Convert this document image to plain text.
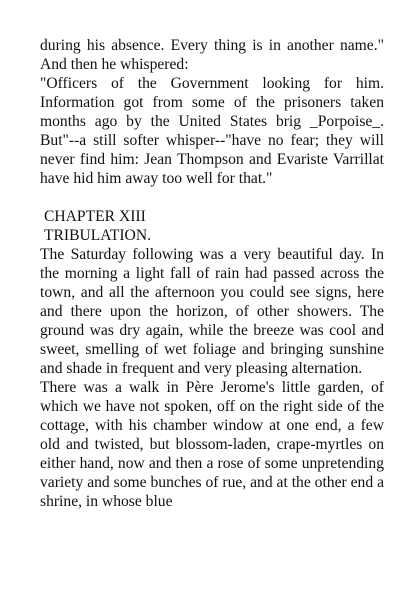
during his absence. Every thing is in another name." And then he whispered:

"Officers of the Government looking for him. Information got from some of the prisoners taken months ago by the United States brig _Porpoise_. But"--a still softer whisper--"have no fear; they will never find him: Jean Thompson and Evariste Varrillat have hid him away too well for that."

CHAPTER XIII

TRIBULATION.

The Saturday following was a very beautiful day. In the morning a light fall of rain had passed across the town, and all the afternoon you could see signs, here and there upon the horizon, of other showers. The ground was dry again, while the breeze was cool and sweet, smelling of wet foliage and bringing sunshine and shade in frequent and very pleasing alternation.

There was a walk in Père Jerome's little garden, of which we have not spoken, off on the right side of the cottage, with his chamber window at one end, a few old and twisted, but blossom-laden, crape-myrtles on either hand, now and then a rose of some unpretending variety and some bunches of rue, and at the other end a shrine, in whose blue
